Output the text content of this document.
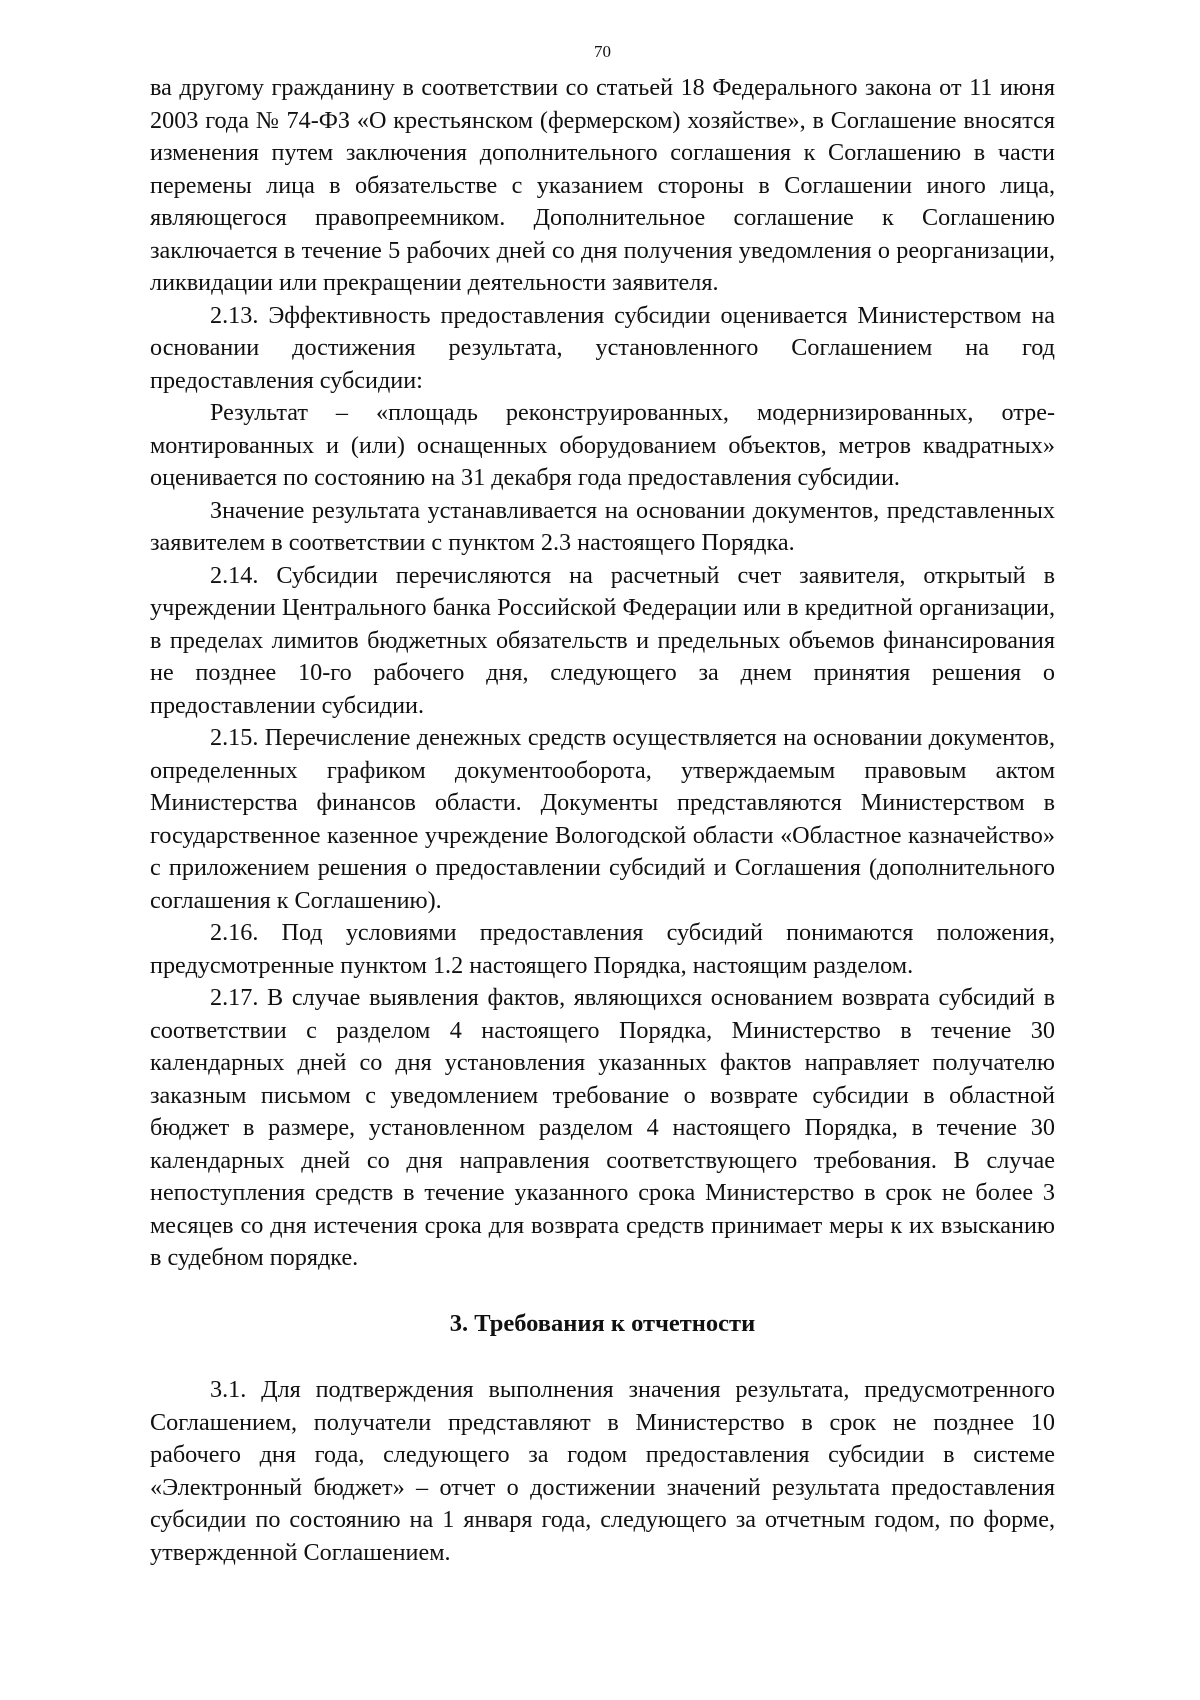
70

ва другому гражданину в соответствии со статьей 18 Федерального закона от 11 июня 2003 года № 74-ФЗ «О крестьянском (фермерском) хозяйстве», в Соглашение вносятся изменения путем заключения дополнительного соглашения к Соглашению в части перемены лица в обязательстве с указанием стороны в Соглашении иного лица, являющегося правопреемником. Дополнительное соглашение к Соглашению заключается в течение 5 рабочих дней со дня получения уведомления о реорганизации, ликвидации или прекращении деятельности заявителя.

2.13. Эффективность предоставления субсидии оценивается Министерством на основании достижения результата, установленного Соглашением на год предоставления субсидии:

Результат – «площадь реконструированных, модернизированных, отремонтированных и (или) оснащенных оборудованием объектов, метров квадратных» оценивается по состоянию на 31 декабря года предоставления субсидии.

Значение результата устанавливается на основании документов, представленных заявителем в соответствии с пунктом 2.3 настоящего Порядка.

2.14. Субсидии перечисляются на расчетный счет заявителя, открытый в учреждении Центрального банка Российской Федерации или в кредитной организации, в пределах лимитов бюджетных обязательств и предельных объемов финансирования не позднее 10-го рабочего дня, следующего за днем принятия решения о предоставлении субсидии.

2.15. Перечисление денежных средств осуществляется на основании документов, определенных графиком документооборота, утверждаемым правовым актом Министерства финансов области. Документы представляются Министерством в государственное казенное учреждение Вологодской области «Областное казначейство» с приложением решения о предоставлении субсидий и Соглашения (дополнительного соглашения к Соглашению).

2.16. Под условиями предоставления субсидий понимаются положения, предусмотренные пунктом 1.2 настоящего Порядка, настоящим разделом.

2.17. В случае выявления фактов, являющихся основанием возврата субсидий в соответствии с разделом 4 настоящего Порядка, Министерство в течение 30 календарных дней со дня установления указанных фактов направляет получателю заказным письмом с уведомлением требование о возврате субсидии в областной бюджет в размере, установленном разделом 4 настоящего Порядка, в течение 30 календарных дней со дня направления соответствующего требования. В случае непоступления средств в течение указанного срока Министерство в срок не более 3 месяцев со дня истечения срока для возврата средств принимает меры к их взысканию в судебном порядке.

3. Требования к отчетности

3.1. Для подтверждения выполнения значения результата, предусмотренного Соглашением, получатели представляют в Министерство в срок не позднее 10 рабочего дня года, следующего за годом предоставления субсидии в системе «Электронный бюджет» – отчет о достижении значений результата предоставления субсидии по состоянию на 1 января года, следующего за отчетным годом, по форме, утвержденной Соглашением.
